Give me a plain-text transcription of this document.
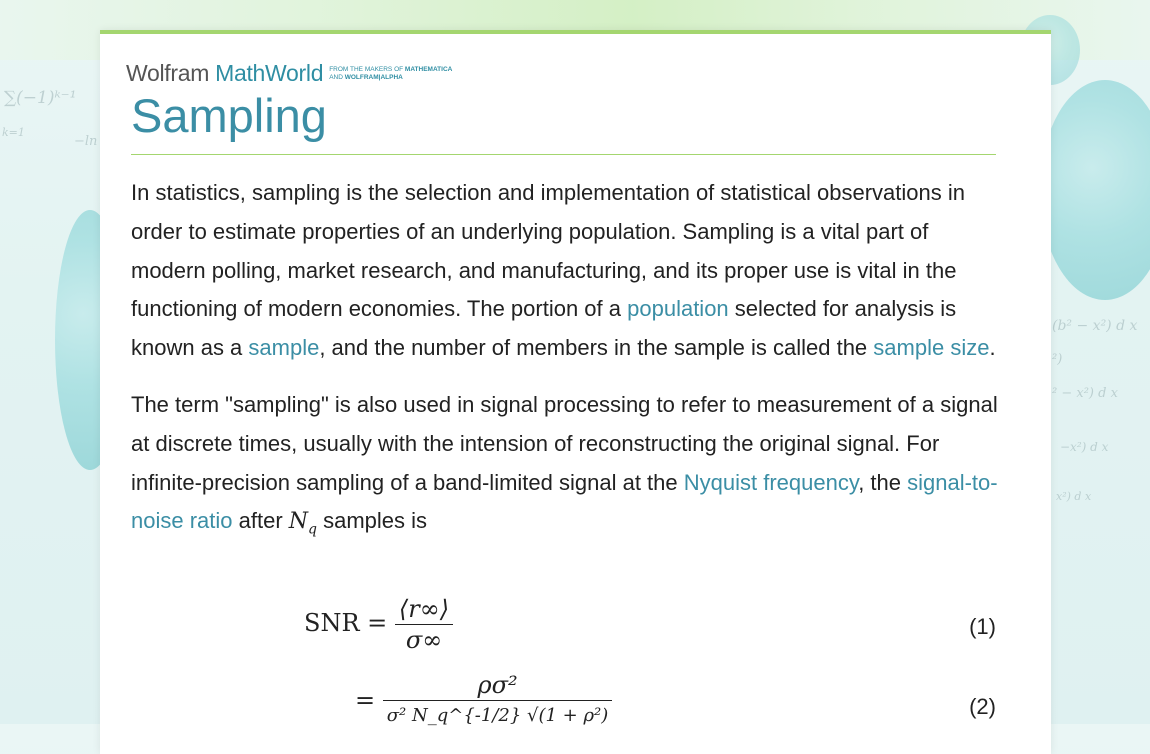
∑(−1)ᵏ⁻¹
k=1
−ln
(b² − x²) d x
²)
² − x²) d x
−x²) d x
x²) d x
Wolfram MathWorld FROM THE MAKERS OF MATHEMATICA
AND WOLFRAM|ALPHA
Sampling

In statistics, sampling is the selection and implementation of statistical observations in order to estimate properties of an underlying population. Sampling is a vital part of modern polling, market research, and manufacturing, and its proper use is vital in the functioning of modern economies. The portion of a population selected for analysis is known as a sample, and the number of members in the sample is called the sample size.

The term "sampling" is also used in signal processing to refer to measurement of a signal at discrete times, usually with the intension of reconstructing the original signal. For infinite-precision sampling of a band-limited signal at the Nyquist frequency, the signal-to-noise ratio after $N_q$ samples is

SNR = $\frac{⟨r\infty⟩}{\sigma\infty}$	(1)
= $\frac{\text{ρσ²}}{\text{σ² N\_q\textasciicircum{}\{-1/2\} √(1 + ρ²)}}$	(2)
